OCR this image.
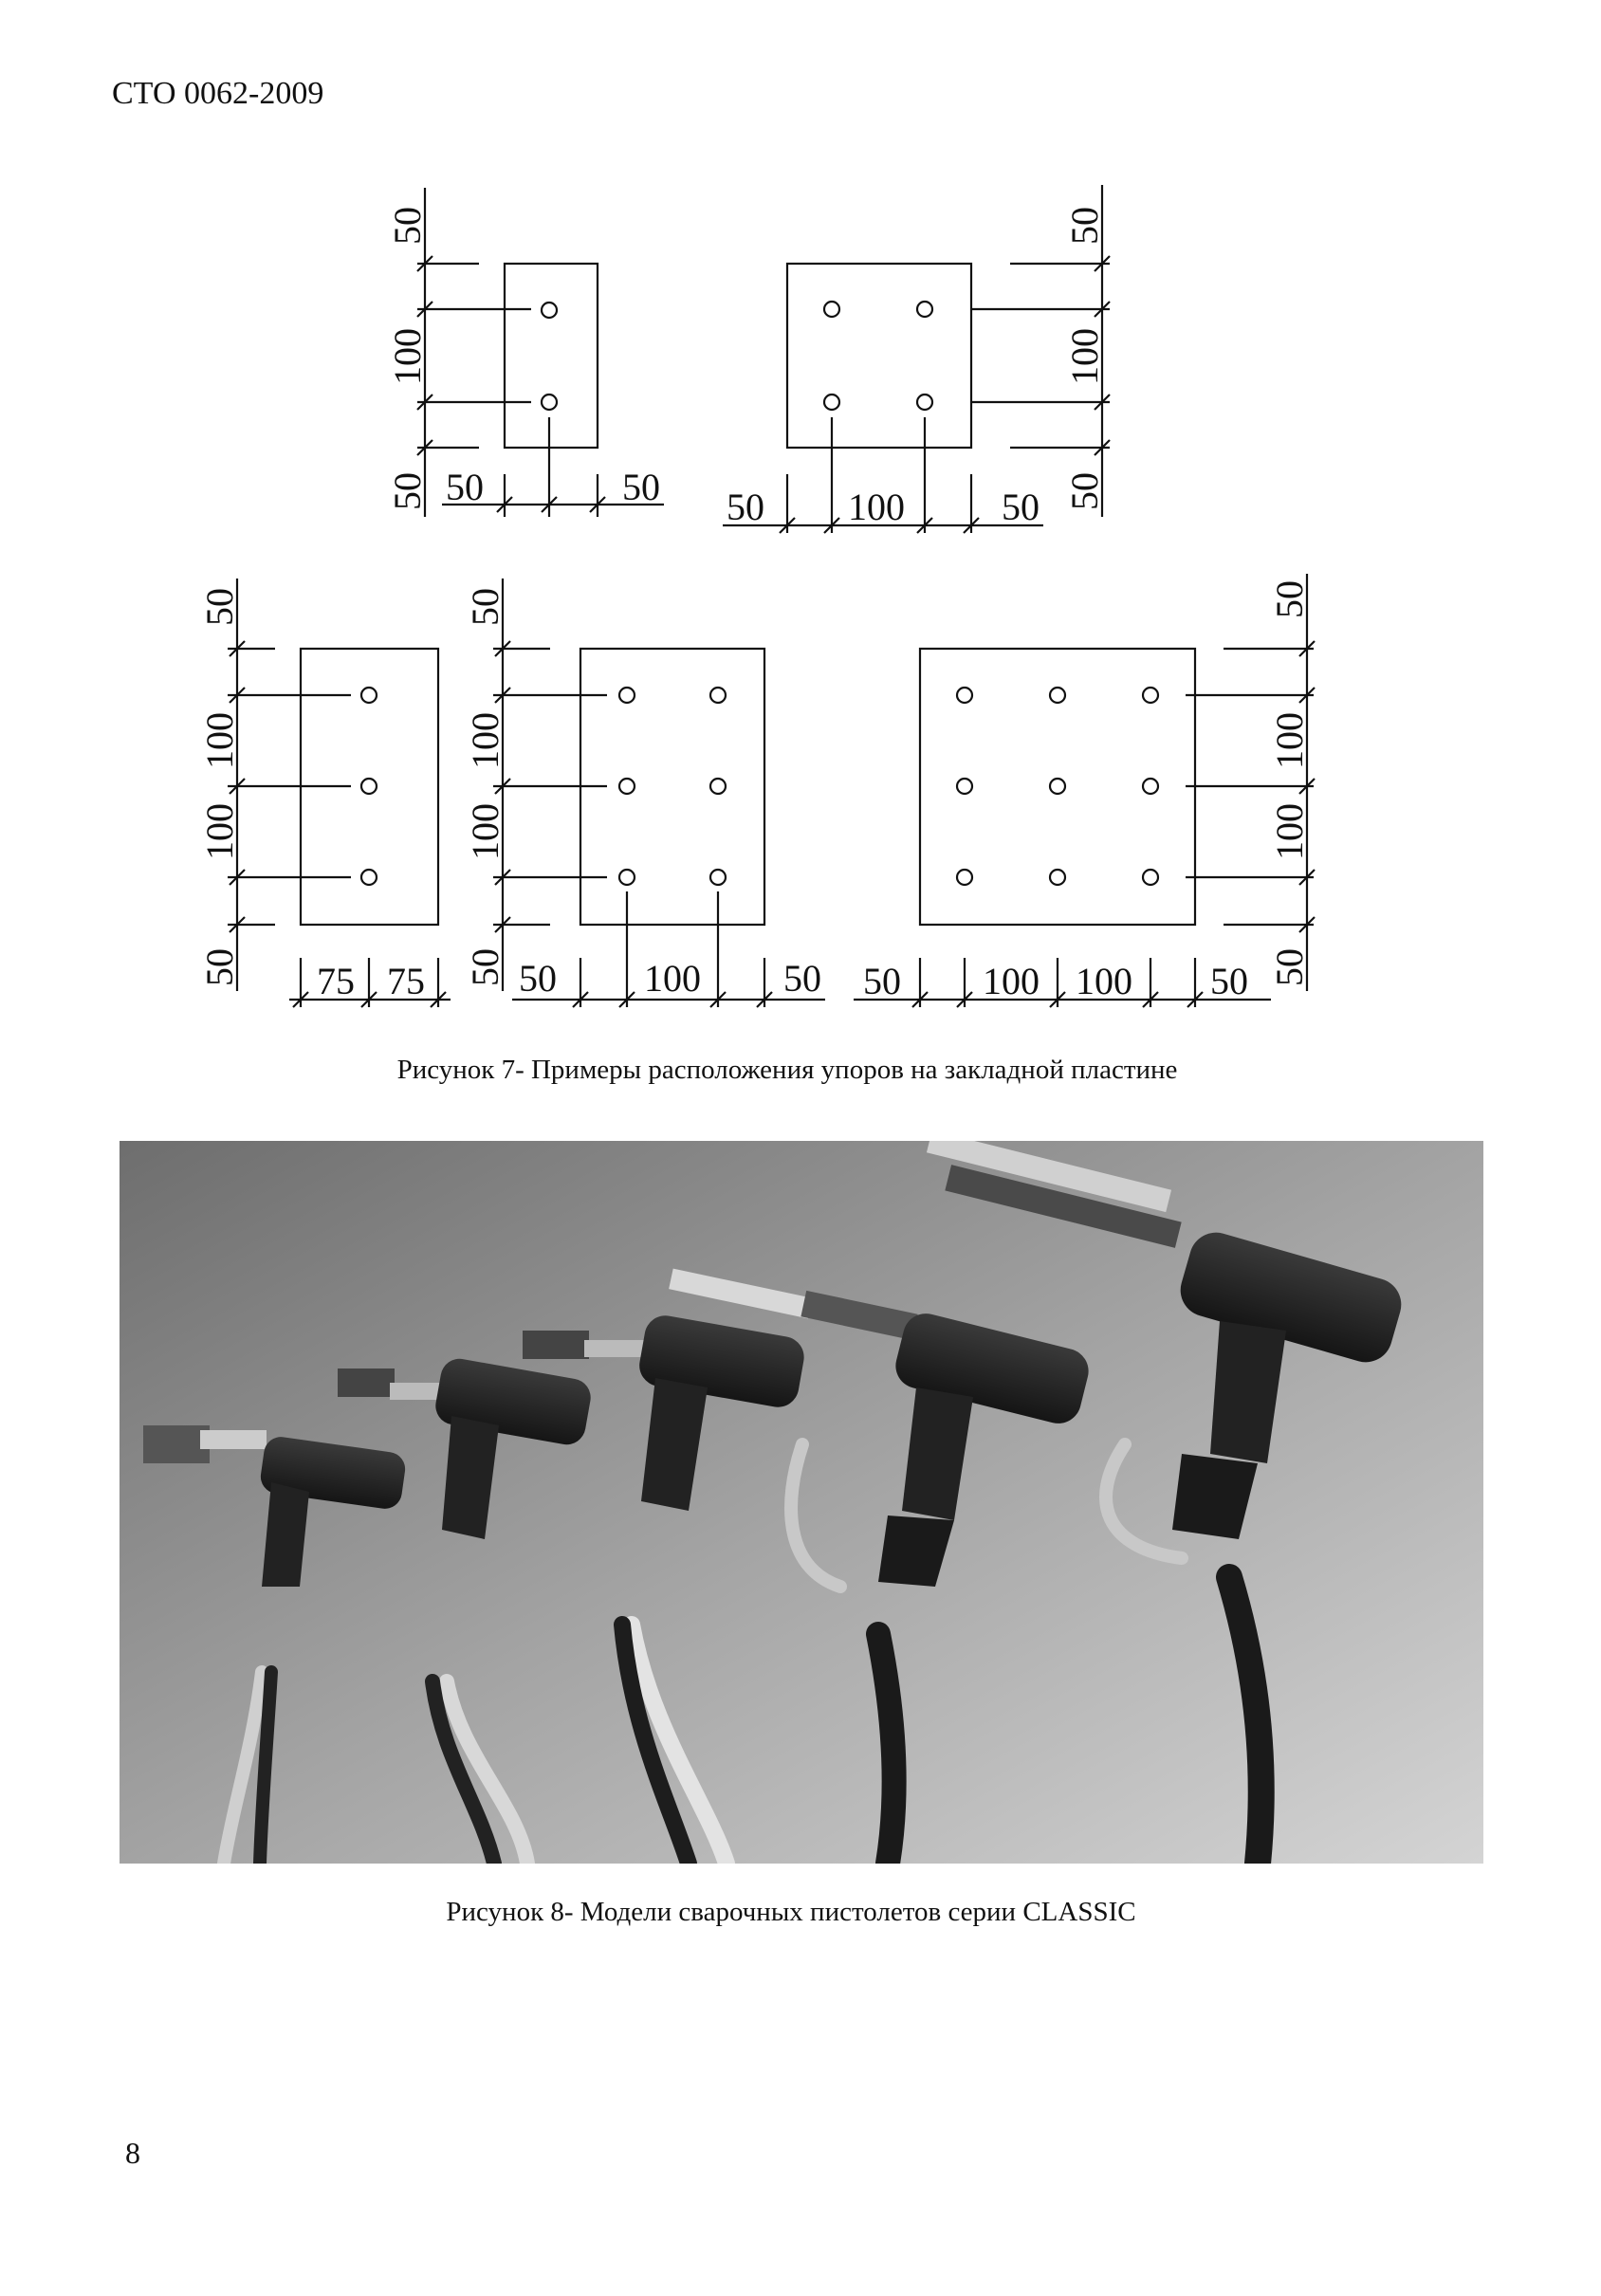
СТО 0062-2009
50
100
50 50	50
50
100
50
50 100	50
50
100
100
50 75 75
50
100
100
50 50 100 50
50
100
100
50
50 100 100 50
Рисунок 7- Примеры расположения упоров на закладной пластине
Рисунок 8- Модели сварочных пистолетов серии CLASSIC
8
